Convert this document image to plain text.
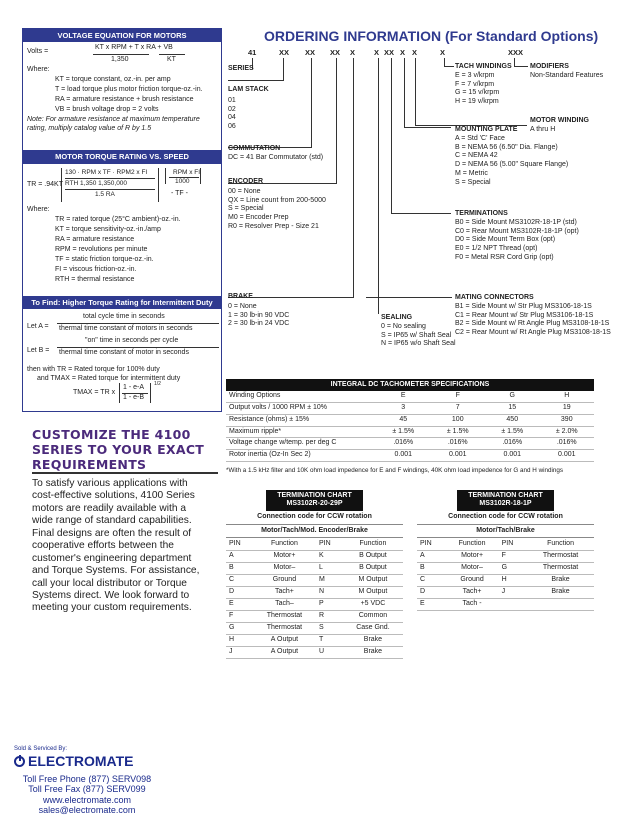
VOLTAGE EQUATION FOR MOTORS
Volts =
KT x RPM + T x RA + VB
1,350	KT
Where:
KT = torque constant, oz.-in. per amp
T = load torque plus motor friction torque-oz.-in.
RA = armature resistance + brush resistance
VB = brush voltage drop = 2 volts
Note: For armature resistance at maximum temperature
rating, multiply catalog value of R by 1.5
MOTOR TORQUE RATING VS. SPEED
130 · RPM x TF · RPM2 x FI
RTH 1,350 1,350,000
1.5 RA
TR = .94KT
RPM x FI
1000
- TF -
Where:
TR = rated torque (25°C ambient)-oz.-in.
KT = torque sensitivity-oz.-in./amp
RA = armature resistance
RPM = revolutions per minute
TF = static friction torque-oz.-in.
FI = viscous friction-oz.-in.
RTH = thermal resistance
To Find: Higher Torque Rating for Intermittent Duty
Let A =
total cycle time in seconds
thermal time constant of motors in seconds
Let B =
"on" time in seconds per cycle
thermal time constant of motor in seconds
then with TR = Rated torque for 100% duty
and TMAX = Rated torque for intermittent duty
TMAX = TR x
1 - e-A
1 - e-B
1/2
CUSTOMIZE THE 4100
SERIES TO YOUR EXACT
REQUIREMENTS
To satisfy various applications with
cost-effective solutions, 4100 Series
motors are readily available with a
wide range of standard capabilities.
Final designs are often the result of
cooperative efforts between the
customer's engineering department
and Torque Systems. For assistance,
call your local distributor or Torque
Systems direct. We look forward to
meeting your custom requirements.
Sold & Serviced By:
ELECTROMATE
Toll Free Phone (877) SERV098
Toll Free Fax (877) SERV099
www.electromate.com
sales@electromate.com
ORDERING INFORMATION (For Standard Options)
41	XX XX XX X	X XX X X	X	XXX
SERIES
LAM STACK
01
02
04
06
COMMUTATION
DC = 41 Bar Commutator (std)
ENCODER
00 = None
QX = Line count from 200-5000
S = Special
M0 = Encoder Prep
R0 = Resolver Prep - Size 21
BRAKE
0 = None
1 = 30 lb-in 90 VDC
2 = 30 lb-in 24 VDC
SEALING
0 = No sealing
S = IP65 w/ Shaft Seal
N = IP65 w/o Shaft Seal
TACH WINDINGS
E = 3 v/krpm
F = 7 v/krpm
G = 15 v/krpm
H = 19 v/krpm
MODIFIERS
Non-Standard Features
MOTOR WINDING
A thru H
MOUNTING PLATE
A = Std 'C' Face
B = NEMA 56 (6.50" Dia. Flange)
C = NEMA 42
D = NEMA 56 (5.00" Square Flange)
M = Metric
S = Special
TERMINATIONS
B0 = Side Mount MS3102R-18-1P (std)
C0 = Rear Mount MS3102R-18-1P (opt)
D0 = Side Mount Term Box (opt)
E0 = 1/2 NPT Thread (opt)
F0 = Metal RSR Cord Grip (opt)
MATING CONNECTORS
B1 = Side Mount w/ Str Plug MS3106-18-1S
C1 = Rear Mount w/ Str Plug MS3106-18-1S
B2 = Side Mount w/ Rt Angle Plug MS3108-18-1S
C2 = Rear Mount w/ Rt Angle Plug MS3108-18-1S
INTEGRAL DC TACHOMETER SPECIFICATIONS
Winding Options	E	F	G	H
Output volts / 1000 RPM ± 10%	3	7	15	19
Resistance (ohms) ± 15%	45	100	450	390
Maximum ripple*	± 1.5%	± 1.5%	± 1.5%	± 2.0%
Voltage change w/temp. per deg C	.016%	.016%	.016%	.016%
Rotor inertia (Oz-In Sec 2)	0.001	0.001	0.001	0.001
*With a 1.5 kHz filter and 10K ohm load impedence for E and F windings, 40K ohm load impedence for G and H windings
TERMINATION CHART
MS3102R-20-29P
Connection code for CCW rotation
Motor/Tach/Mod. Encoder/Brake
PIN	Function	PIN	Function
A	Motor+	K	B Output
B	Motor–	L	B Output
C	Ground	M	M Output
D	Tach+	N	M Output
E	Tach–	P	+5 VDC
F	Thermostat	R	Common
G	Thermostat	S	Case Gnd.
H	A Output	T	Brake
J	A Output	U	Brake
TERMINATION CHART
MS3102R-18-1P
Connection code for CCW rotation
Motor/Tach/Brake
PIN	Function	PIN	Function
A	Motor+	F	Thermostat
B	Motor–	G	Thermostat
C	Ground	H	Brake
D	Tach+	J	Brake
E	Tach -		
